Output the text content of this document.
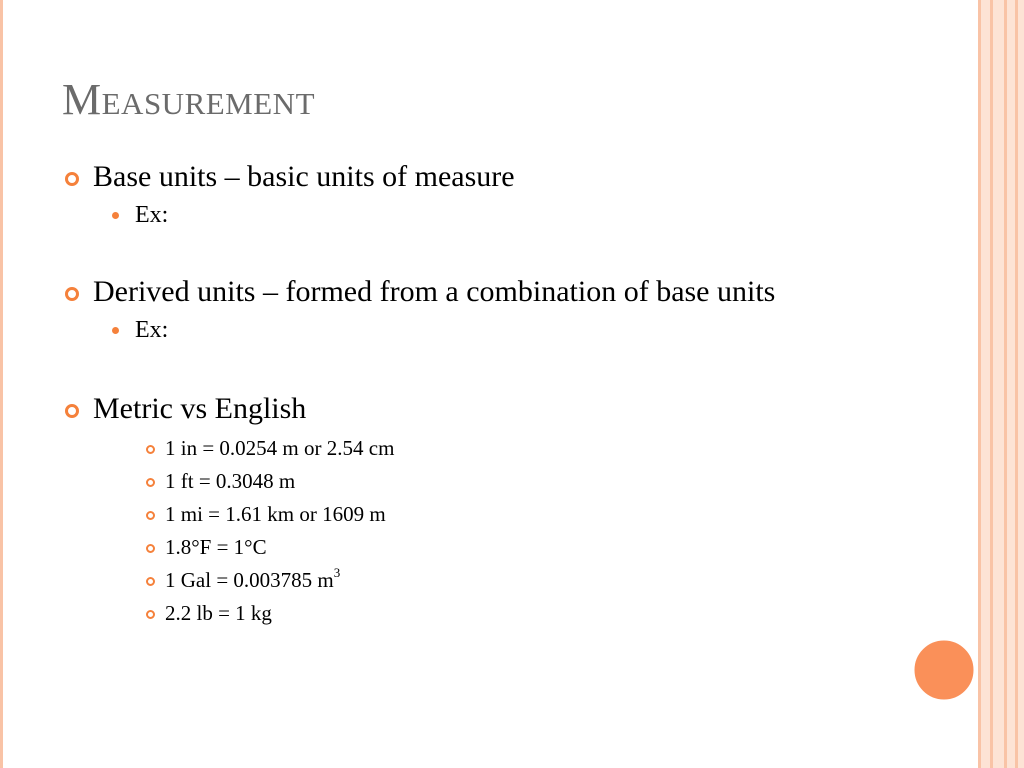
Measurement
Base units – basic units of measure
Ex:
Derived units – formed from a combination of base units
Ex:
Metric vs English
1 in = 0.0254 m or 2.54 cm
1 ft = 0.3048 m
1 mi = 1.61 km or 1609 m
1.8°F = 1°C
1 Gal = 0.003785 $m^3$
2.2 lb = 1 kg
